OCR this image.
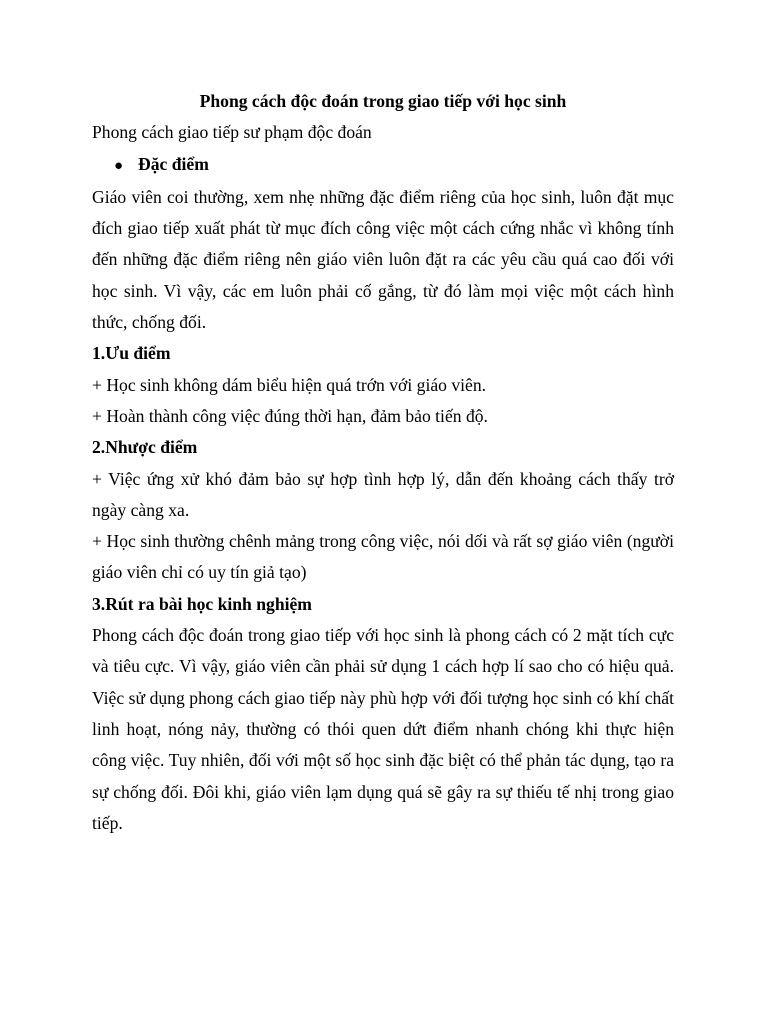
Phong cách độc đoán trong giao tiếp với học sinh

Phong cách giao tiếp sư phạm độc đoán

● Đặc điểm

Giáo viên coi thường, xem nhẹ những đặc điểm riêng của học sinh, luôn đặt mục đích giao tiếp xuất phát từ mục đích công việc một cách cứng nhắc vì không tính đến những đặc điểm riêng nên giáo viên luôn đặt ra các yêu cầu quá cao đối với học sinh. Vì vậy, các em luôn phải cố gắng, từ đó làm mọi việc một cách hình thức, chống đối.

1.Ưu điểm

+ Học sinh không dám biểu hiện quá trớn với giáo viên.

+ Hoàn thành công việc đúng thời hạn, đảm bảo tiến độ.

2.Nhược điểm

+ Việc ứng xử khó đảm bảo sự hợp tình hợp lý, dẫn đến khoảng cách thấy trở ngày càng xa.

+ Học sinh thường chênh mảng trong công việc, nói dối và rất sợ giáo viên (người giáo viên chỉ có uy tín giả tạo)

3.Rút ra bài học kinh nghiệm

Phong cách độc đoán trong giao tiếp với học sinh là phong cách có 2 mặt tích cực và tiêu cực. Vì vậy, giáo viên cần phải sử dụng 1 cách hợp lí sao cho có hiệu quả. Việc sử dụng phong cách giao tiếp này phù hợp với đối tượng học sinh có khí chất linh hoạt, nóng nảy, thường có thói quen dứt điểm nhanh chóng khi thực hiện công việc. Tuy nhiên, đối với một số học sinh đặc biệt có thể phản tác dụng, tạo ra sự chống đối. Đôi khi, giáo viên lạm dụng quá sẽ gây ra sự thiếu tế nhị trong giao tiếp.
